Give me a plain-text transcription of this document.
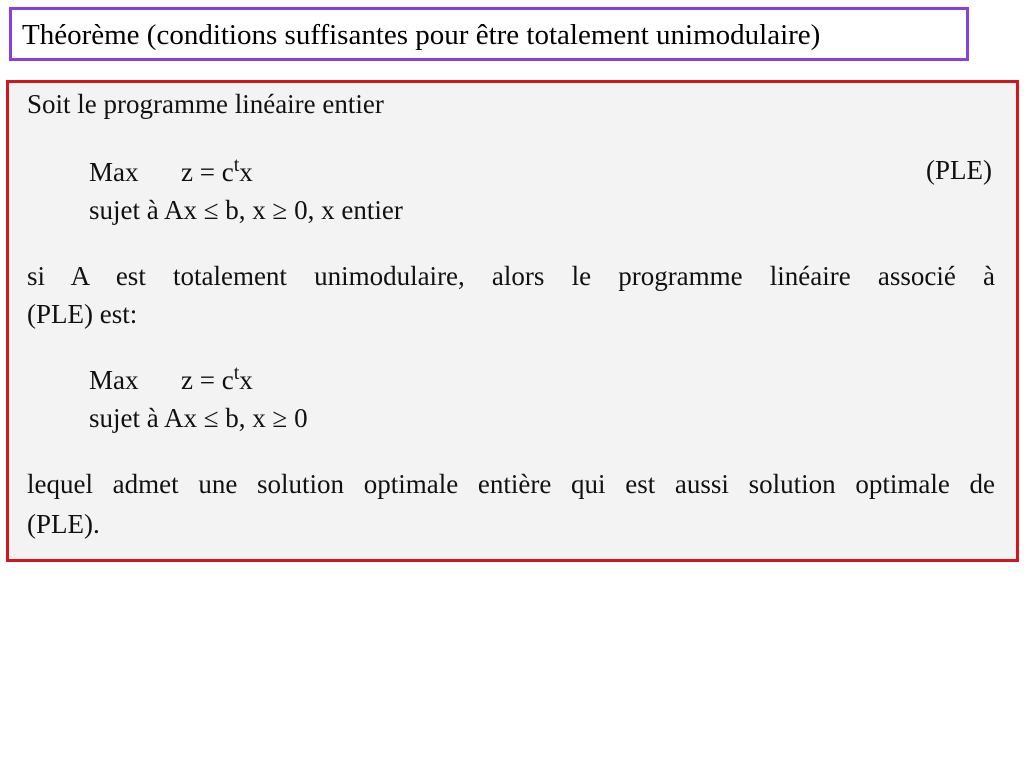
Théorème (conditions suffisantes pour être totalement unimodulaire)
Soit le programme linéaire entier
Max $z = c^tx$	(PLE)
sujet à Ax ≤ b, x ≥ 0, x entier
si A est totalement unimodulaire, alors le programme linéaire associé à
(PLE) est:
Max $z = c^tx$
sujet à Ax ≤ b, x ≥ 0
lequel admet une solution optimale entière qui est aussi solution optimale de
(PLE).
